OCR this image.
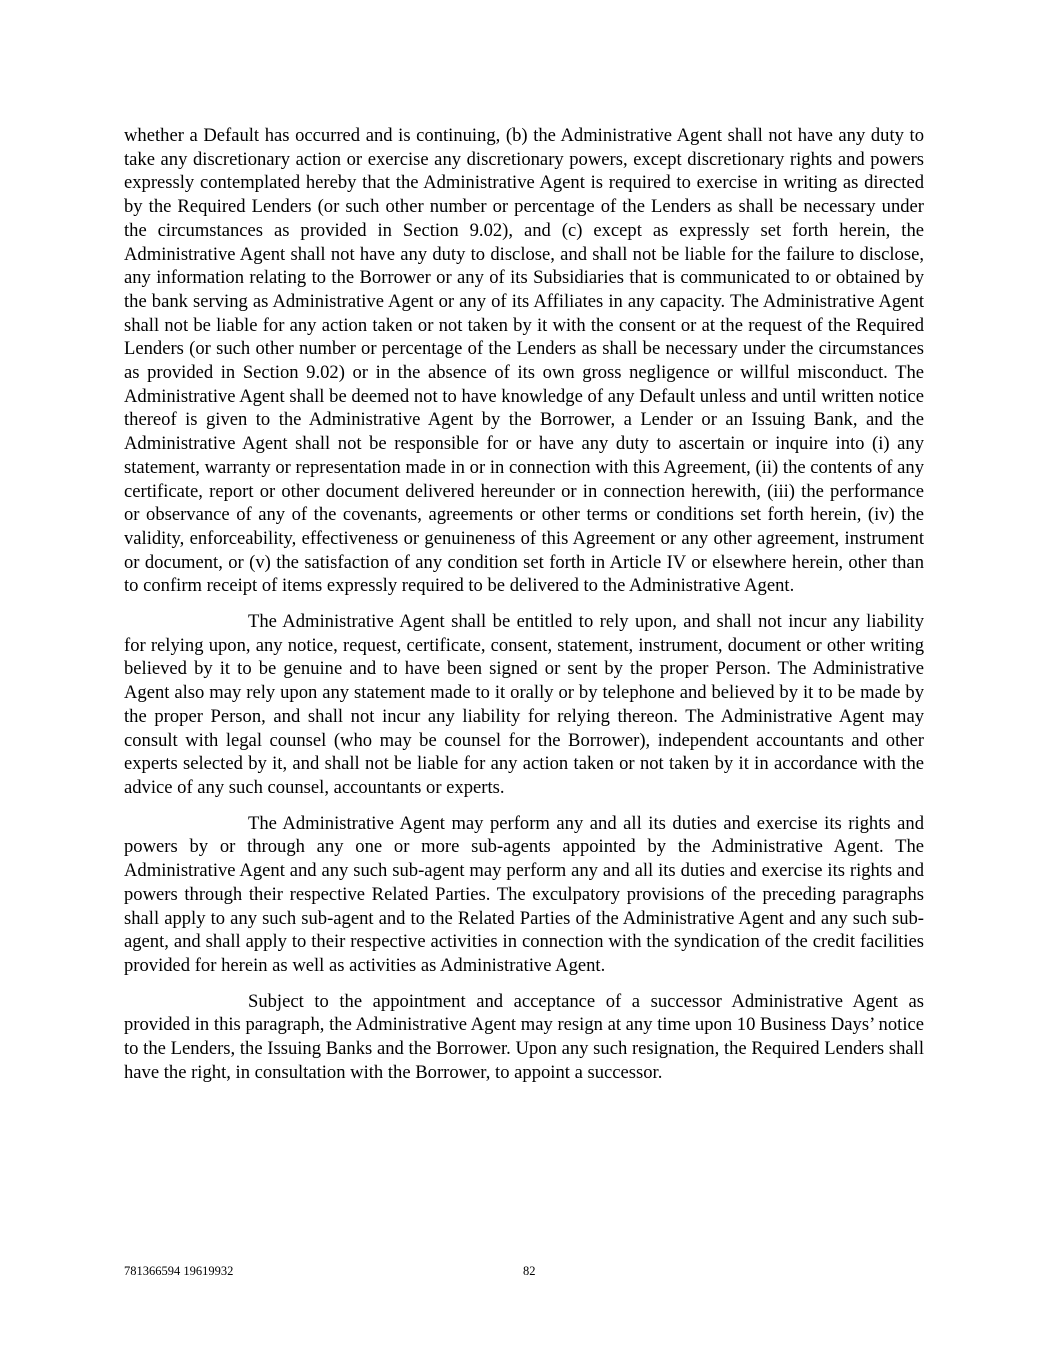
whether a Default has occurred and is continuing, (b) the Administrative Agent shall not have any duty to take any discretionary action or exercise any discretionary powers, except discretionary rights and powers expressly contemplated hereby that the Administrative Agent is required to exercise in writing as directed by the Required Lenders (or such other number or percentage of the Lenders as shall be necessary under the circumstances as provided in Section 9.02), and (c) except as expressly set forth herein, the Administrative Agent shall not have any duty to disclose, and shall not be liable for the failure to disclose, any information relating to the Borrower or any of its Subsidiaries that is communicated to or obtained by the bank serving as Administrative Agent or any of its Affiliates in any capacity. The Administrative Agent shall not be liable for any action taken or not taken by it with the consent or at the request of the Required Lenders (or such other number or percentage of the Lenders as shall be necessary under the circumstances as provided in Section 9.02) or in the absence of its own gross negligence or willful misconduct. The Administrative Agent shall be deemed not to have knowledge of any Default unless and until written notice thereof is given to the Administrative Agent by the Borrower, a Lender or an Issuing Bank, and the Administrative Agent shall not be responsible for or have any duty to ascertain or inquire into (i) any statement, warranty or representation made in or in connection with this Agreement, (ii) the contents of any certificate, report or other document delivered hereunder or in connection herewith, (iii) the performance or observance of any of the covenants, agreements or other terms or conditions set forth herein, (iv) the validity, enforceability, effectiveness or genuineness of this Agreement or any other agreement, instrument or document, or (v) the satisfaction of any condition set forth in Article IV or elsewhere herein, other than to confirm receipt of items expressly required to be delivered to the Administrative Agent.

The Administrative Agent shall be entitled to rely upon, and shall not incur any liability for relying upon, any notice, request, certificate, consent, statement, instrument, document or other writing believed by it to be genuine and to have been signed or sent by the proper Person. The Administrative Agent also may rely upon any statement made to it orally or by telephone and believed by it to be made by the proper Person, and shall not incur any liability for relying thereon. The Administrative Agent may consult with legal counsel (who may be counsel for the Borrower), independent accountants and other experts selected by it, and shall not be liable for any action taken or not taken by it in accordance with the advice of any such counsel, accountants or experts.

The Administrative Agent may perform any and all its duties and exercise its rights and powers by or through any one or more sub-agents appointed by the Administrative Agent. The Administrative Agent and any such sub-agent may perform any and all its duties and exercise its rights and powers through their respective Related Parties. The exculpatory provisions of the preceding paragraphs shall apply to any such sub-agent and to the Related Parties of the Administrative Agent and any such sub-agent, and shall apply to their respective activities in connection with the syndication of the credit facilities provided for herein as well as activities as Administrative Agent.

Subject to the appointment and acceptance of a successor Administrative Agent as provided in this paragraph, the Administrative Agent may resign at any time upon 10 Business Days’ notice to the Lenders, the Issuing Banks and the Borrower. Upon any such resignation, the Required Lenders shall have the right, in consultation with the Borrower, to appoint a successor.

781366594 19619932	82
